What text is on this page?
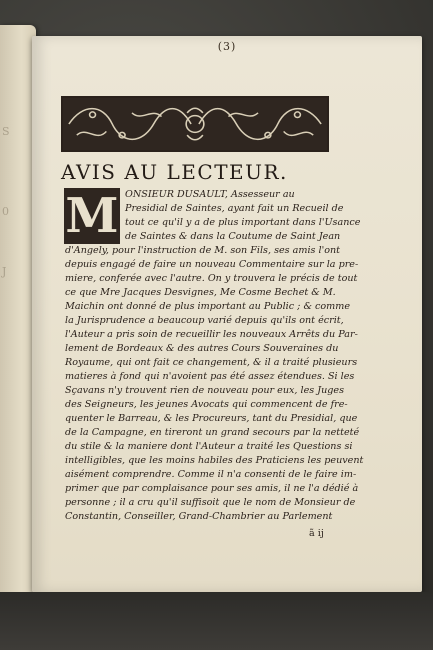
S
0
J
(3)
AVIS AU LECTEUR.
M ONSIEUR DUSAULT, Assesseur au
Presidial de Saintes, ayant fait un Recueil de
tout ce qu'il y a de plus important dans l'Usance
de Saintes & dans la Coutume de Saint Jean
d'Angely, pour l'instruction de M. son Fils, ses amis l'ont
depuis engagé de faire un nouveau Commentaire sur la pre-
miere, conferée avec l'autre. On y trouvera le précis de tout
ce que Mre Jacques Desvignes, Me Cosme Bechet & M.
Maichin ont donné de plus important au Public ; & comme
la Jurisprudence a beaucoup varié depuis qu'ils ont écrit,
l'Auteur a pris soin de recueillir les nouveaux Arrêts du Par-
lement de Bordeaux & des autres Cours Souveraines du
Royaume, qui ont fait ce changement, & il a traité plusieurs
matieres à fond qui n'avoient pas été assez étendues. Si les
Sçavans n'y trouvent rien de nouveau pour eux, les Juges
des Seigneurs, les jeunes Avocats qui commencent de fre-
quenter le Barreau, & les Procureurs, tant du Presidial, que
de la Campagne, en tireront un grand secours par la netteté
du stile & la maniere dont l'Auteur a traité les Questions si
intelligibles, que les moins habiles des Praticiens les peuvent
aisément comprendre. Comme il n'a consenti de le faire im-
primer que par complaisance pour ses amis, il ne l'a dédié à
personne ; il a cru qu'il suffisoit que le nom de Monsieur de
Constantin, Conseiller, Grand-Chambrier au Parlement
ã ij
